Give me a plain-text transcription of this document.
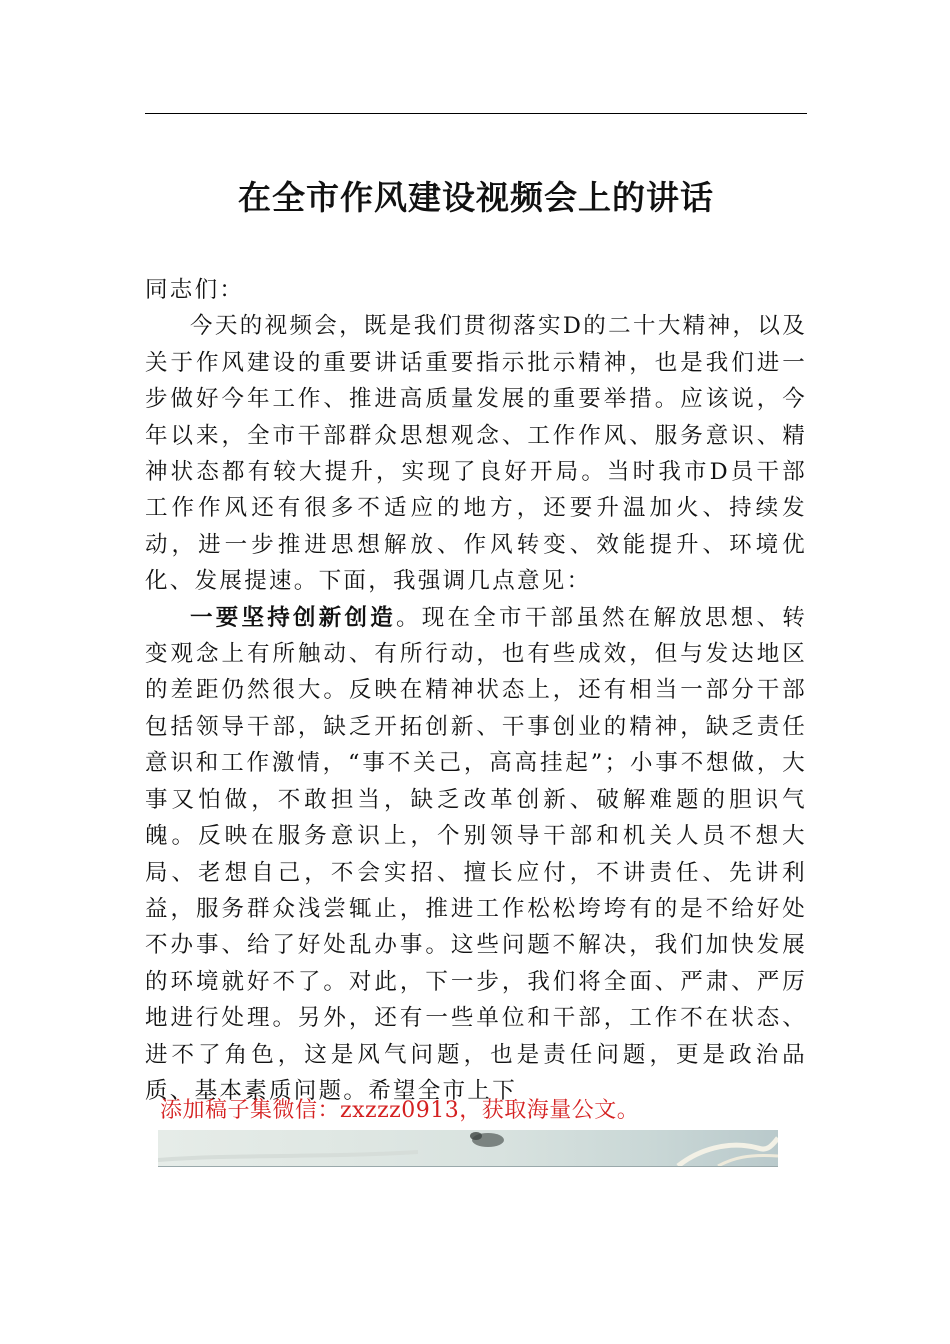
在全市作风建设视频会上的讲话

同志们：

今天的视频会，既是我们贯彻落实D的二十大精神，以及关于作风建设的重要讲话重要指示批示精神，也是我们进一步做好今年工作、推进高质量发展的重要举措。应该说，今年以来，全市干部群众思想观念、工作作风、服务意识、精神状态都有较大提升，实现了良好开局。当时我市D员干部工作作风还有很多不适应的地方，还要升温加火、持续发动，进一步推进思想解放、作风转变、效能提升、环境优化、发展提速。下面，我强调几点意见：

一要坚持创新创造。现在全市干部虽然在解放思想、转变观念上有所触动、有所行动，也有些成效，但与发达地区的差距仍然很大。反映在精神状态上，还有相当一部分干部包括领导干部，缺乏开拓创新、干事创业的精神，缺乏责任意识和工作激情，“事不关己，高高挂起”；小事不想做，大事又怕做，不敢担当，缺乏改革创新、破解难题的胆识气魄。反映在服务意识上，个别领导干部和机关人员不想大局、老想自己，不会实招、擅长应付，不讲责任、先讲利益，服务群众浅尝辄止，推进工作松松垮垮有的是不给好处不办事、给了好处乱办事。这些问题不解决，我们加快发展的环境就好不了。对此，下一步，我们将全面、严肃、严厉地进行处理。另外，还有一些单位和干部，工作不在状态、进不了角色，这是风气问题，也是责任问题，更是政治品质、基本素质问题。希望全市上下

添加稿子集微信：zxzzz0913，获取海量公文。
